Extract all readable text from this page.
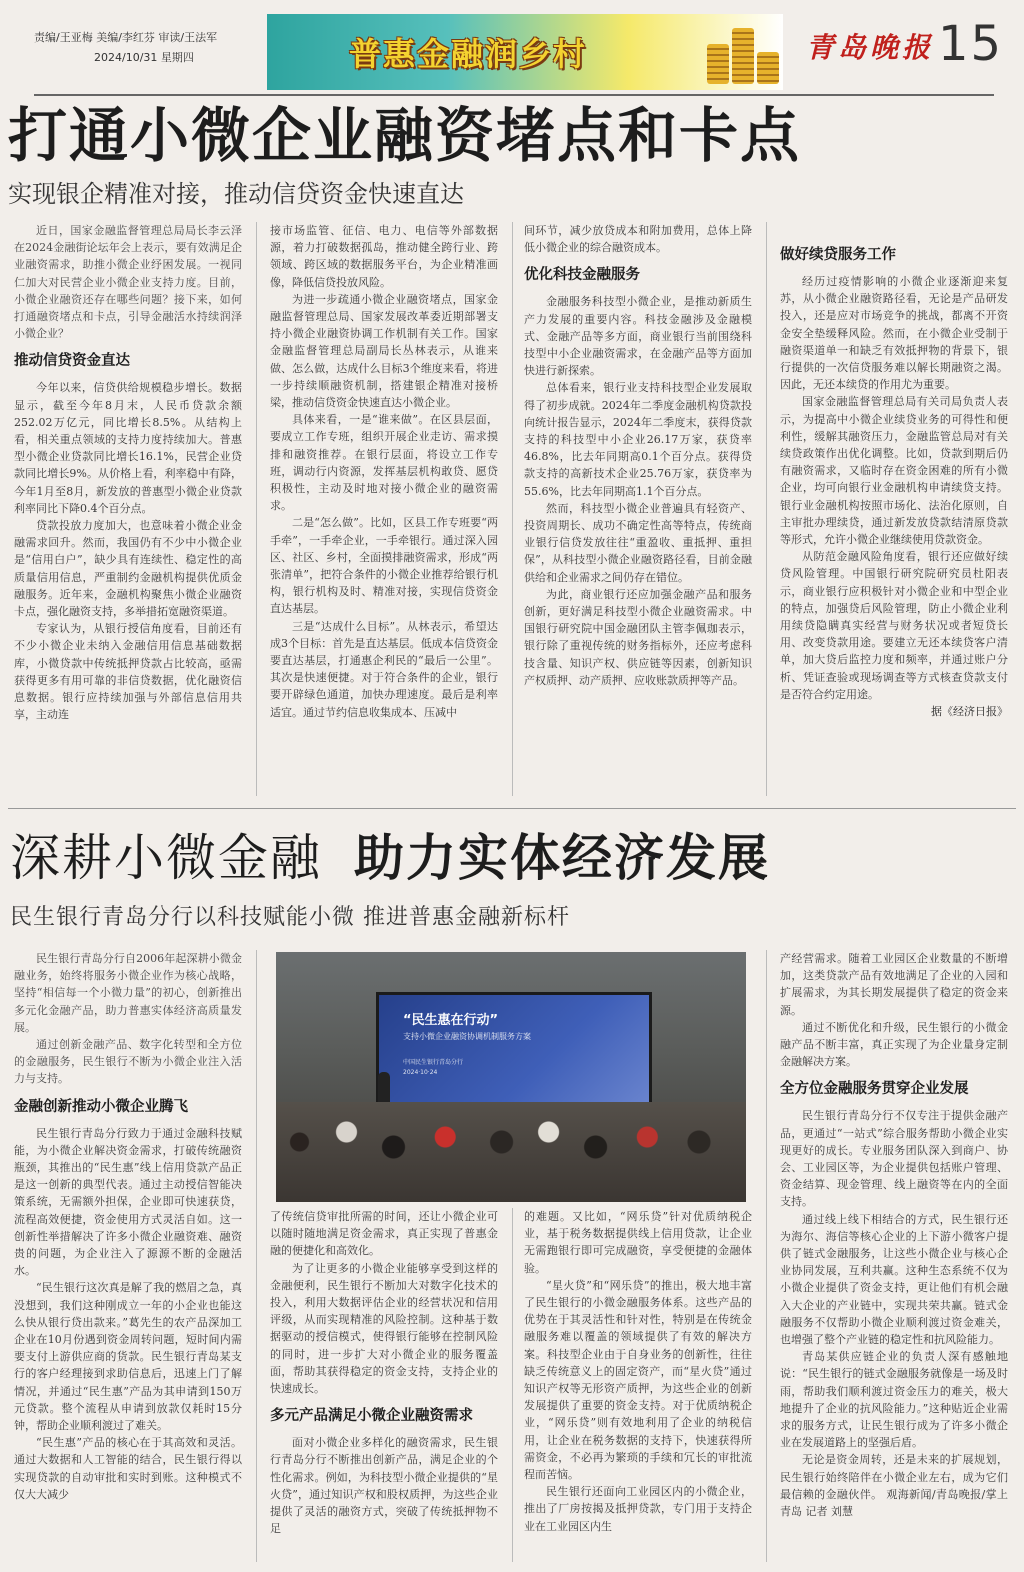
责编/王亚梅 美编/李红芬 审读/王法军
2024/10/31 星期四	普惠金融润乡村	青岛晚报 15
打通小微企业融资堵点和卡点
实现银企精准对接，推动信贷资金快速直达

近日，国家金融监督管理总局局长李云泽在2024金融街论坛年会上表示，要有效满足企业融资需求，助推小微企业纾困发展。一视同仁加大对民营企业小微企业支持力度。目前，小微企业融资还存在哪些问题？接下来，如何打通融资堵点和卡点，引导金融活水持续润泽小微企业？

推动信贷资金直达

今年以来，信贷供给规模稳步增长。数据显示，截至今年8月末，人民币贷款余额252.02万亿元，同比增长8.5%。从结构上看，相关重点领域的支持力度持续加大。普惠型小微企业贷款同比增长16.1%，民营企业贷款同比增长9%。从价格上看，利率稳中有降，今年1月至8月，新发放的普惠型小微企业贷款利率同比下降0.4个百分点。

贷款投放力度加大，也意味着小微企业金融需求回升。然而，我国仍有不少中小微企业是“信用白户”，缺少具有连续性、稳定性的高质量信用信息，严重制约金融机构提供优质金融服务。近年来，金融机构聚焦小微企业融资卡点，强化融资支持，多举措拓宽融资渠道。

专家认为，从银行授信角度看，目前还有不少小微企业未纳入金融信用信息基础数据库，小微贷款中传统抵押贷款占比较高，亟需获得更多有用可靠的非信贷数据，优化融资信息数据。银行应持续加强与外部信息信用共享，主动连

接市场监管、征信、电力、电信等外部数据源，着力打破数据孤岛，推动健全跨行业、跨领域、跨区域的数据服务平台，为企业精准画像，降低信贷投放风险。

为进一步疏通小微企业融资堵点，国家金融监督管理总局、国家发展改革委近期部署支持小微企业融资协调工作机制有关工作。国家金融监督管理总局副局长丛林表示，从谁来做、怎么做，达成什么目标3个维度来看，将进一步持续顺融资机制，搭建银企精准对接桥梁，推动信贷资金快速直达小微企业。

具体来看，一是“谁来做”。在区县层面，要成立工作专班，组织开展企业走访、需求摸排和融资推荐。在银行层面，将设立工作专班，调动行内资源，发挥基层机构敢贷、愿贷积极性，主动及时地对接小微企业的融资需求。

二是“怎么做”。比如，区县工作专班要“两手牵”，一手牵企业，一手牵银行。通过深入园区、社区、乡村，全面摸排融资需求，形成“两张清单”，把符合条件的小微企业推荐给银行机构，银行机构及时、精准对接，实现信贷资金直达基层。

三是“达成什么目标”。从林表示，希望达成3个目标：首先是直达基层。低成本信贷资金要直达基层，打通惠企利民的“最后一公里”。其次是快速便捷。对于符合条件的企业，银行要开辟绿色通道，加快办理速度。最后是利率适宜。通过节约信息收集成本、压减中

间环节，减少放贷成本和附加费用，总体上降低小微企业的综合融资成本。

优化科技金融服务

金融服务科技型小微企业，是推动新质生产力发展的重要内容。科技金融涉及金融模式、金融产品等多方面，商业银行当前围绕科技型中小企业融资需求，在金融产品等方面加快进行新探索。

总体看来，银行业支持科技型企业发展取得了初步成就。2024年二季度金融机构贷款投向统计报告显示，2024年二季度末，获得贷款支持的科技型中小企业26.17万家，获贷率46.8%，比去年同期高0.1个百分点。获得贷款支持的高新技术企业25.76万家，获贷率为55.6%，比去年同期高1.1个百分点。

然而，科技型小微企业普遍具有轻资产、投资周期长、成功不确定性高等特点，传统商业银行信贷发放往往“重盈收、重抵押、重担保”，从科技型小微企业融资路径看，目前金融供给和企业需求之间仍存在错位。

为此，商业银行还应加强金融产品和服务创新，更好满足科技型小微企业融资需求。中国银行研究院中国金融团队主管李佩珈表示，银行除了重视传统的财务指标外，还应考虑科技含量、知识产权、供应链等因素，创新知识产权质押、动产质押、应收账款质押等产品。

做好续贷服务工作

经历过疫情影响的小微企业逐渐迎来复苏，从小微企业融资路径看，无论是产品研发投入，还是应对市场竞争的挑战，都离不开资金安全垫缓释风险。然而，在小微企业受制于融资渠道单一和缺乏有效抵押物的背景下，银行提供的一次信贷服务难以解长期融资之渴。因此，无还本续贷的作用尤为重要。

国家金融监督管理总局有关司局负责人表示，为提高中小微企业续贷业务的可得性和便利性，缓解其融资压力，金融监管总局对有关续贷政策作出优化调整。比如，贷款到期后仍有融资需求，又临时存在资金困难的所有小微企业，均可向银行业金融机构申请续贷支持。银行业金融机构按照市场化、法治化原则，自主审批办理续贷，通过新发放贷款结清原贷款等形式，允许小微企业继续使用贷款资金。

从防范金融风险角度看，银行还应做好续贷风险管理。中国银行研究院研究员杜阳表示，商业银行应积极针对小微企业和中型企业的特点，加强贷后风险管理，防止小微企业利用续贷隐瞒真实经营与财务状况或者短贷长用、改变贷款用途。要建立无还本续贷客户清单，加大贷后监控力度和频率，并通过账户分析、凭证查验或现场调查等方式核查贷款支付是否符合约定用途。

据《经济日报》

深耕小微金融 助力实体经济发展
民生银行青岛分行以科技赋能小微 推进普惠金融新标杆

民生银行青岛分行自2006年起深耕小微金融业务，始终将服务小微企业作为核心战略，坚持“相信每一个小微力量”的初心，创新推出多元化金融产品，助力普惠实体经济高质量发展。

通过创新金融产品、数字化转型和全方位的金融服务，民生银行不断为小微企业注入活力与支持。

金融创新推动小微企业腾飞

民生银行青岛分行致力于通过金融科技赋能，为小微企业解决资金需求，打破传统融资瓶颈，其推出的“民生惠”线上信用贷款产品正是这一创新的典型代表。通过主动授信智能决策系统，无需额外担保，企业即可快速获贷，流程高效便捷，资金使用方式灵活自如。这一创新性举措解决了许多小微企业融资难、融资贵的问题，为企业注入了源源不断的金融活水。

“民生银行这次真是解了我的燃眉之急，真没想到，我们这种刚成立一年的小企业也能这么快从银行贷出款来。”葛先生的农产品深加工企业在10月份遇到资金周转问题，短时间内需要支付上游供应商的货款。民生银行青岛某支行的客户经理接到求助信息后，迅速上门了解情况，并通过“民生惠”产品为其申请到150万元贷款。整个流程从申请到放款仅耗时15分钟，帮助企业顺利渡过了难关。

“民生惠”产品的核心在于其高效和灵活。通过大数据和人工智能的结合，民生银行得以实现贷款的自动审批和实时到账。这种模式不仅大大减少

“民生惠在行动”
支持小微企业融资协调机制服务方案
中国民生银行青岛分行
2024·10·24

了传统信贷审批所需的时间，还让小微企业可以随时随地满足资金需求，真正实现了普惠金融的便捷化和高效化。

为了让更多的小微企业能够享受到这样的金融便利，民生银行不断加大对数字化技术的投入，利用大数据评估企业的经营状况和信用评级，从而实现精准的风险控制。这种基于数据驱动的授信模式，使得银行能够在控制风险的同时，进一步扩大对小微企业的服务覆盖面，帮助其获得稳定的资金支持，支持企业的快速成长。

多元产品满足小微企业融资需求

面对小微企业多样化的融资需求，民生银行青岛分行不断推出创新产品，满足企业的个性化需求。例如，为科技型小微企业提供的“星火贷”，通过知识产权和股权质押，为这些企业提供了灵活的融资方式，突破了传统抵押物不足

的难题。又比如，“网乐贷”针对优质纳税企业，基于税务数据提供线上信用贷款，让企业无需跑银行即可完成融资，享受便捷的金融体验。

“星火贷”和“网乐贷”的推出，极大地丰富了民生银行的小微金融服务体系。这些产品的优势在于其灵活性和针对性，特别是在传统金融服务难以覆盖的领域提供了有效的解决方案。科技型企业由于自身业务的创新性，往往缺乏传统意义上的固定资产，而“星火贷”通过知识产权等无形资产质押，为这些企业的创新发展提供了重要的资金支持。对于优质纳税企业，“网乐贷”则有效地利用了企业的纳税信用，让企业在税务数据的支持下，快速获得所需资金，不必再为繁琐的手续和冗长的审批流程而苦恼。

民生银行还面向工业园区内的小微企业，推出了厂房按揭及抵押贷款，专门用于支持企业在工业园区内生

产经营需求。随着工业园区企业数量的不断增加，这类贷款产品有效地满足了企业的入园和扩展需求，为其长期发展提供了稳定的资金来源。

通过不断优化和升级，民生银行的小微金融产品不断丰富，真正实现了为企业量身定制金融解决方案。

全方位金融服务贯穿企业发展

民生银行青岛分行不仅专注于提供金融产品，更通过“一站式”综合服务帮助小微企业实现更好的成长。专业服务团队深入到商户、协会、工业园区等，为企业提供包括账户管理、资金结算、现金管理、线上融资等在内的全面支持。

通过线上线下相结合的方式，民生银行还为海尔、海信等核心企业的上下游小微客户提供了链式金融服务，让这些小微企业与核心企业协同发展，互利共赢。这种生态系统不仅为小微企业提供了资金支持，更让他们有机会融入大企业的产业链中，实现共荣共赢。链式金融服务不仅帮助小微企业顺利渡过资金难关，也增强了整个产业链的稳定性和抗风险能力。

青岛某供应链企业的负责人深有感触地说：“民生银行的链式金融服务就像是一场及时雨，帮助我们顺利渡过资金压力的难关，极大地提升了企业的抗风险能力。”这种贴近企业需求的服务方式，让民生银行成为了许多小微企业在发展道路上的坚强后盾。

无论是资金周转，还是未来的扩展规划，民生银行始终陪伴在小微企业左右，成为它们最信赖的金融伙伴。 观海新闻/青岛晚报/掌上青岛 记者 刘慧
